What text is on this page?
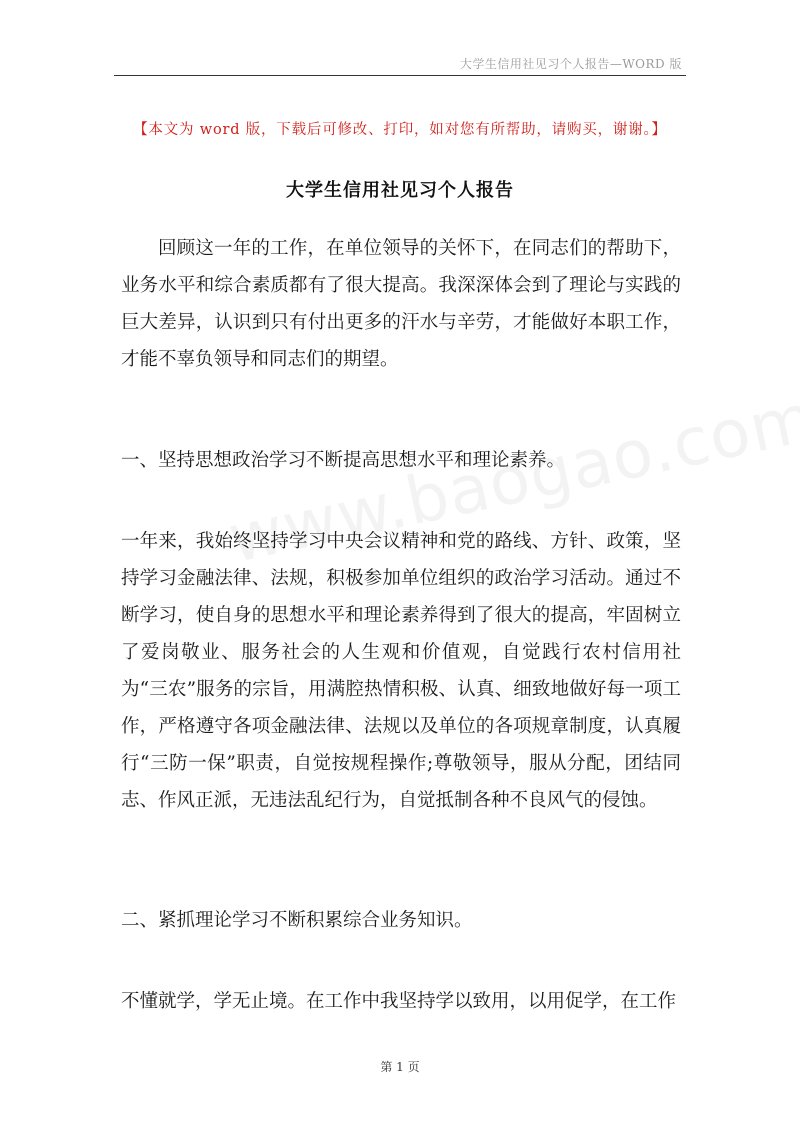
大学生信用社见习个人报告—WORD 版
【本文为 word 版，下载后可修改、打印，如对您有所帮助，请购买，谢谢。】
大学生信用社见习个人报告

回顾这一年的工作，在单位领导的关怀下，在同志们的帮助下，业务水平和综合素质都有了很大提高。我深深体会到了理论与实践的巨大差异，认识到只有付出更多的汗水与辛劳，才能做好本职工作，才能不辜负领导和同志们的期望。

一、坚持思想政治学习不断提高思想水平和理论素养。

一年来，我始终坚持学习中央会议精神和党的路线、方针、政策，坚持学习金融法律、法规，积极参加单位组织的政治学习活动。通过不断学习，使自身的思想水平和理论素养得到了很大的提高，牢固树立了爱岗敬业、服务社会的人生观和价值观，自觉践行农村信用社为“三农”服务的宗旨，用满腔热情积极、认真、细致地做好每一项工作，严格遵守各项金融法律、法规以及单位的各项规章制度，认真履行“三防一保”职责，自觉按规程操作;尊敬领导，服从分配，团结同志、作风正派，无违法乱纪行为，自觉抵制各种不良风气的侵蚀。

二、紧抓理论学习不断积累综合业务知识。

不懂就学，学无止境。在工作中我坚持学以致用，以用促学，在工作

第 1 页
